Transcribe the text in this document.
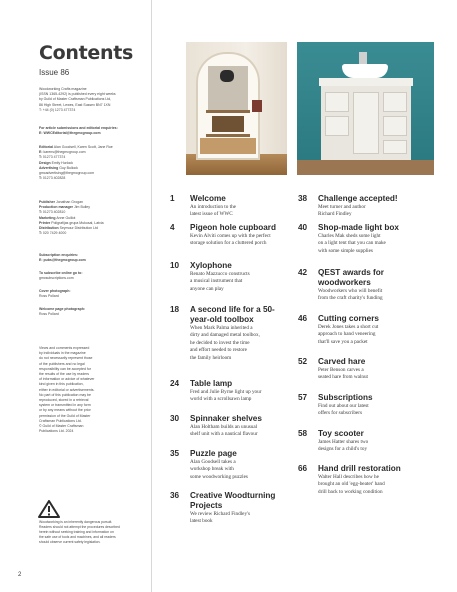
Contents
Issue 86

Woodworking Crafts magazine

(ISSN 1365-4292) is published every eight weeks

by Guild of Master Craftsman Publications Ltd,

86 High Street, Lewes, East Sussex BN7 1XN

T: +44 (0) 1273 477374

For article submissions and editorial enquiries:

E: WWCEditorial@thegmcgroup.com

Editorial Alan Goodsell, Karen Scott, Jane Roe

E: karens@thegmcgroup.com

T: 01273 477374

Design Emily Hurlock

Advertising Guy Bullock

gmcadvertising@thegmcgroup.com

T: 01273 402828

Publisher Jonathan Grogan

Production manager Jim Bulley

T: 01273 402810

Marketing Anne Guillot

Printer Poligrafijas grupa Mukusal, Latvia

Distribution Seymour Distribution Ltd

T: 020 7429 4000

Subscription enquiries:

E: pubs@thegmcgroup.com

To subscribe online go to:

gmcsubscriptions.com

Cover photograph:

Ross Pollard

Welcome page photograph:

Ross Pollard

Views and comments expressed

by individuals in the magazine

do not necessarily represent those

of the publishers and no legal

responsibility can be accepted for

the results of the use by readers

of information or advice of whatever

kind given in this publication,

either in editorial or advertisements.

No part of this publication may be

reproduced, stored in a retrieval

system or transmitted in any form

or by any means without the prior

permission of the Guild of Master

Craftsman Publications Ltd.

© Guild of Master Craftsman

Publications Ltd. 2024

Woodworking is an inherently dangerous pursuit.

Readers should not attempt the procedures described

herein without seeking training and information on

the safe use of tools and machines, and all readers

should observe current safety legislation.

2
1 Welcome
An introduction to the
latest issue of WWC
4 Pigeon hole cupboard
Kevin Alviti comes up with the perfect
storage solution for a cluttered porch
10 Xylophone
Renato Mazzucco constructs
a musical instrument that
anyone can play
18 A second life for a 50-year-old toolbox
When Mark Palma inherited a
dirty and damaged metal toolbox,
he decided to invest the time
and effort needed to restore
the family heirloom
24 Table lamp
Fred and Julie Byrne light up your
world with a scrollsawn lamp
30 Spinnaker shelves
Alan Holtham builds an unusual
shelf unit with a nautical flavour
35 Puzzle page
Alan Goodsell takes a
workshop break with
some woodworking puzzles
36 Creative Woodturning Projects
We review Richard Findley's
latest book
38 Challenge accepted!
Meet turner and author
Richard Findley
40 Shop-made light box
Charles Mak sheds some light
on a light tent that you can make
with some simple supplies
42 QEST awards for woodworkers
Woodworkers who will benefit
from the craft charity's funding
46 Cutting corners
Derek Jones takes a short cut
approach to hand veneering
that'll save you a packet
52 Carved hare
Peter Benson carves a
seated hare from walnut
57 Subscriptions
Find out about our latest
offers for subscribers
58 Toy scooter
James Hatter shares two
designs for a child's toy
66 Hand drill restoration
Walter Hall describes how he
brought an old 'egg-beater' hand
drill back to working condition
